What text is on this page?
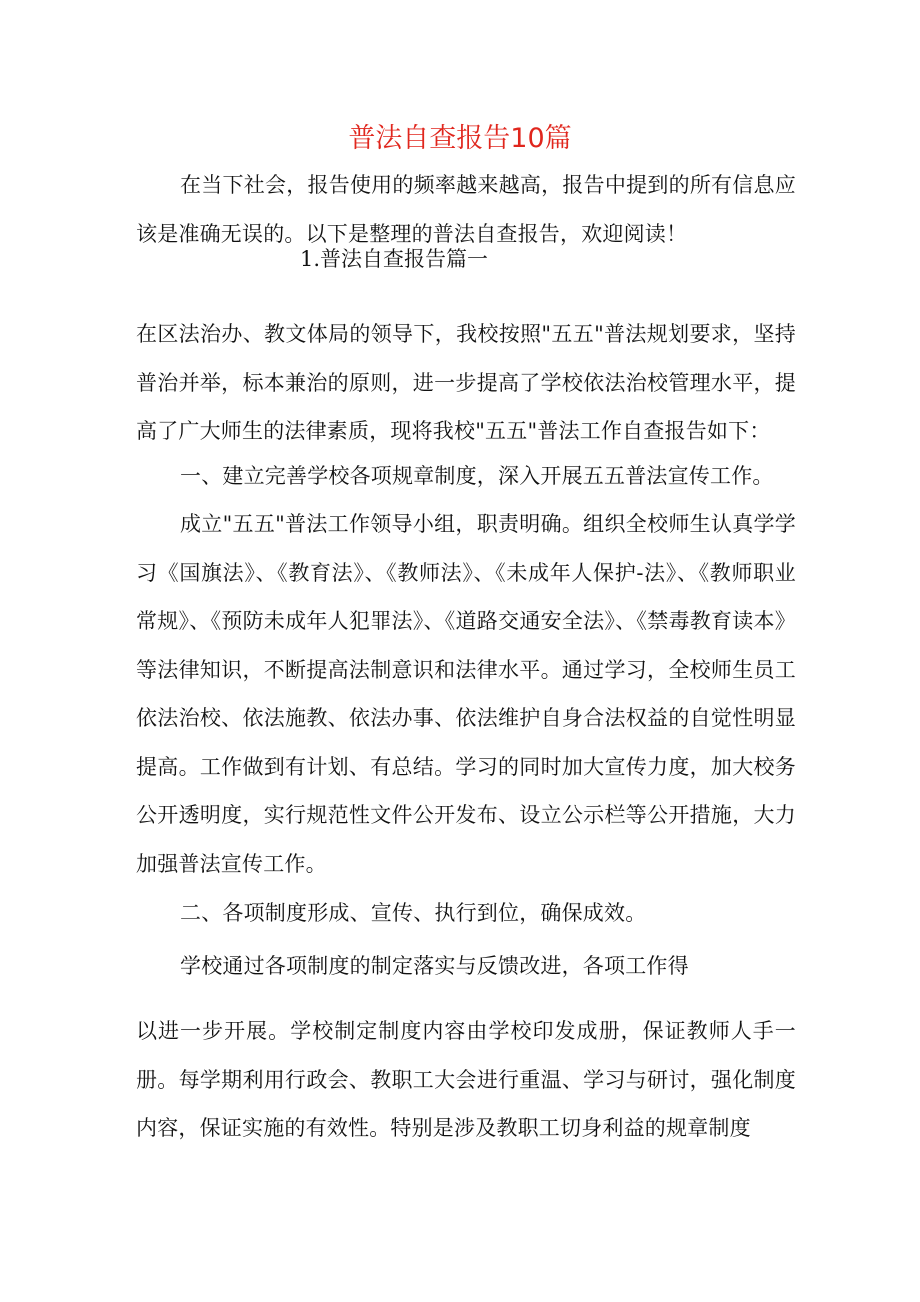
普法自查报告10篇

在当下社会，报告使用的频率越来越高，报告中提到的所有信息应该是准确无误的。以下是整理的普法自查报告，欢迎阅读！

1.普法自查报告篇一

在区法治办、教文体局的领导下，我校按照"五五"普法规划要求，坚持普治并举，标本兼治的原则，进一步提高了学校依法治校管理水平，提高了广大师生的法律素质，现将我校"五五"普法工作自查报告如下：

一、建立完善学校各项规章制度，深入开展五五普法宣传工作。

成立"五五"普法工作领导小组，职责明确。组织全校师生认真学学习《国旗法》、《教育法》、《教师法》、《未成年人保护-法》、《教师职业常规》、《预防未成年人犯罪法》、《道路交通安全法》、《禁毒教育读本》等法律知识，不断提高法制意识和法律水平。通过学习，全校师生员工依法治校、依法施教、依法办事、依法维护自身合法权益的自觉性明显提高。工作做到有计划、有总结。学习的同时加大宣传力度，加大校务公开透明度，实行规范性文件公开发布、设立公示栏等公开措施，大力加强普法宣传工作。

二、各项制度形成、宣传、执行到位，确保成效。

学校通过各项制度的制定落实与反馈改进，各项工作得

以进一步开展。学校制定制度内容由学校印发成册，保证教师人手一册。每学期利用行政会、教职工大会进行重温、学习与研讨，强化制度内容，保证实施的有效性。特别是涉及教职工切身利益的规章制度
